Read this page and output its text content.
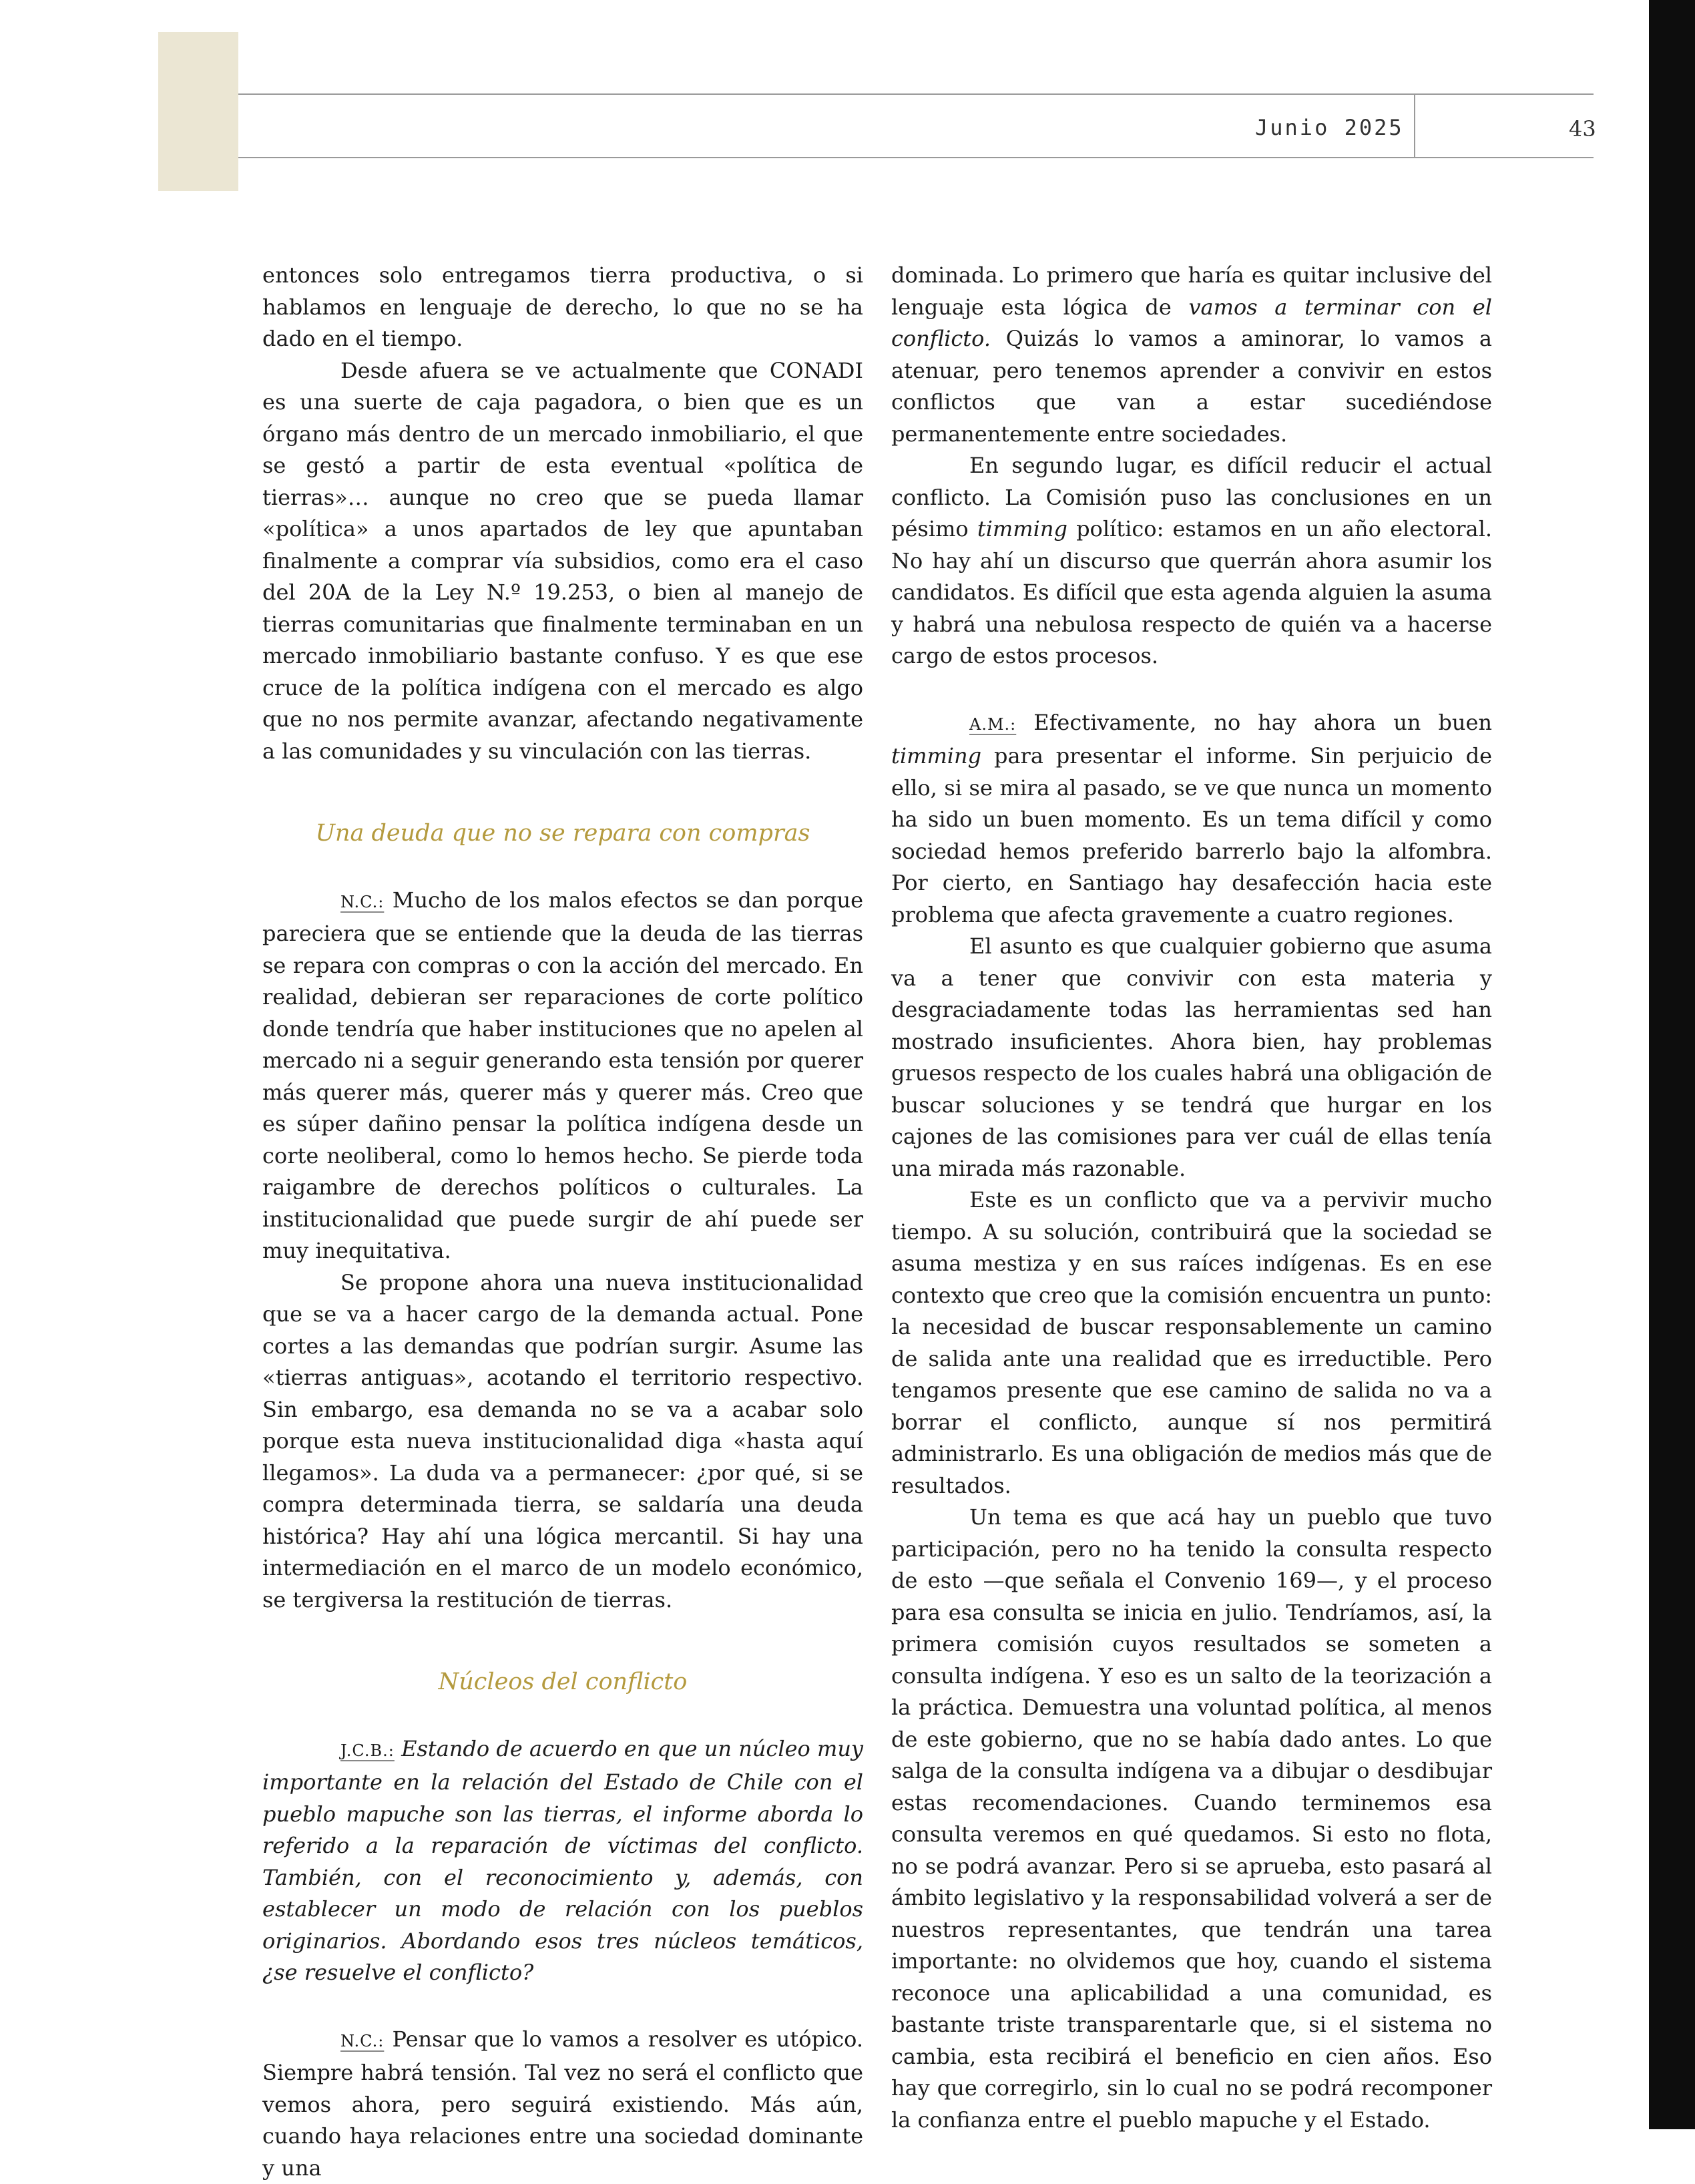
Junio 2025	43

entonces solo entregamos tierra productiva, o si hablamos en lenguaje de derecho, lo que no se ha dado en el tiempo.

Desde afuera se ve actualmente que CONADI es una suerte de caja pagadora, o bien que es un órgano más dentro de un mercado inmobiliario, el que se gestó a partir de esta eventual «política de tierras»… aunque no creo que se pueda llamar «política» a unos apartados de ley que apuntaban finalmente a comprar vía subsidios, como era el caso del 20A de la Ley N.º 19.253, o bien al manejo de tierras comunitarias que finalmente terminaban en un mercado inmobiliario bastante confuso. Y es que ese cruce de la política indígena con el mercado es algo que no nos permite avanzar, afectando negativamente a las comunidades y su vinculación con las tierras.

Una deuda que no se repara con compras

N.C.: Mucho de los malos efectos se dan porque pareciera que se entiende que la deuda de las tierras se repara con compras o con la acción del mercado. En realidad, debieran ser reparaciones de corte político donde tendría que haber instituciones que no apelen al mercado ni a seguir generando esta tensión por querer más querer más, querer más y querer más. Creo que es súper dañino pensar la política indígena desde un corte neoliberal, como lo hemos hecho. Se pierde toda raigambre de derechos políticos o culturales. La institucionalidad que puede surgir de ahí puede ser muy inequitativa.

Se propone ahora una nueva institucionalidad que se va a hacer cargo de la demanda actual. Pone cortes a las demandas que podrían surgir. Asume las «tierras antiguas», acotando el territorio respectivo. Sin embargo, esa demanda no se va a acabar solo porque esta nueva institucionalidad diga «hasta aquí llegamos». La duda va a permanecer: ¿por qué, si se compra determinada tierra, se saldaría una deuda histórica? Hay ahí una lógica mercantil. Si hay una intermediación en el marco de un modelo económico, se tergiversa la restitución de tierras.

Núcleos del conflicto

J.C.B.: Estando de acuerdo en que un núcleo muy importante en la relación del Estado de Chile con el pueblo mapuche son las tierras, el informe aborda lo referido a la reparación de víctimas del conflicto. También, con el reconocimiento y, además, con establecer un modo de relación con los pueblos originarios. Abordando esos tres núcleos temáticos, ¿se resuelve el conflicto?

N.C.: Pensar que lo vamos a resolver es utópico. Siempre habrá tensión. Tal vez no será el conflicto que vemos ahora, pero seguirá existiendo. Más aún, cuando haya relaciones entre una sociedad dominante y una

dominada. Lo primero que haría es quitar inclusive del lenguaje esta lógica de vamos a terminar con el conflicto. Quizás lo vamos a aminorar, lo vamos a atenuar, pero tenemos aprender a convivir en estos conflictos que van a estar sucediéndose permanentemente entre sociedades.

En segundo lugar, es difícil reducir el actual conflicto. La Comisión puso las conclusiones en un pésimo timming político: estamos en un año electoral. No hay ahí un discurso que querrán ahora asumir los candidatos. Es difícil que esta agenda alguien la asuma y habrá una nebulosa respecto de quién va a hacerse cargo de estos procesos.

A.M.: Efectivamente, no hay ahora un buen timming para presentar el informe. Sin perjuicio de ello, si se mira al pasado, se ve que nunca un momento ha sido un buen momento. Es un tema difícil y como sociedad hemos preferido barrerlo bajo la alfombra. Por cierto, en Santiago hay desafección hacia este problema que afecta gravemente a cuatro regiones.

El asunto es que cualquier gobierno que asuma va a tener que convivir con esta materia y desgraciadamente todas las herramientas sed han mostrado insuficientes. Ahora bien, hay problemas gruesos respecto de los cuales habrá una obligación de buscar soluciones y se tendrá que hurgar en los cajones de las comisiones para ver cuál de ellas tenía una mirada más razonable.

Este es un conflicto que va a pervivir mucho tiempo. A su solución, contribuirá que la sociedad se asuma mestiza y en sus raíces indígenas. Es en ese contexto que creo que la comisión encuentra un punto: la necesidad de buscar responsablemente un camino de salida ante una realidad que es irreductible. Pero tengamos presente que ese camino de salida no va a borrar el conflicto, aunque sí nos permitirá administrarlo. Es una obligación de medios más que de resultados.

Un tema es que acá hay un pueblo que tuvo participación, pero no ha tenido la consulta respecto de esto —que señala el Convenio 169—, y el proceso para esa consulta se inicia en julio. Tendríamos, así, la primera comisión cuyos resultados se someten a consulta indígena. Y eso es un salto de la teorización a la práctica. Demuestra una voluntad política, al menos de este gobierno, que no se había dado antes. Lo que salga de la consulta indígena va a dibujar o desdibujar estas recomendaciones. Cuando terminemos esa consulta veremos en qué quedamos. Si esto no flota, no se podrá avanzar. Pero si se aprueba, esto pasará al ámbito legislativo y la responsabilidad volverá a ser de nuestros representantes, que tendrán una tarea importante: no olvidemos que hoy, cuando el sistema reconoce una aplicabilidad a una comunidad, es bastante triste transparentarle que, si el sistema no cambia, esta recibirá el beneficio en cien años. Eso hay que corregirlo, sin lo cual no se podrá recomponer la confianza entre el pueblo mapuche y el Estado.
